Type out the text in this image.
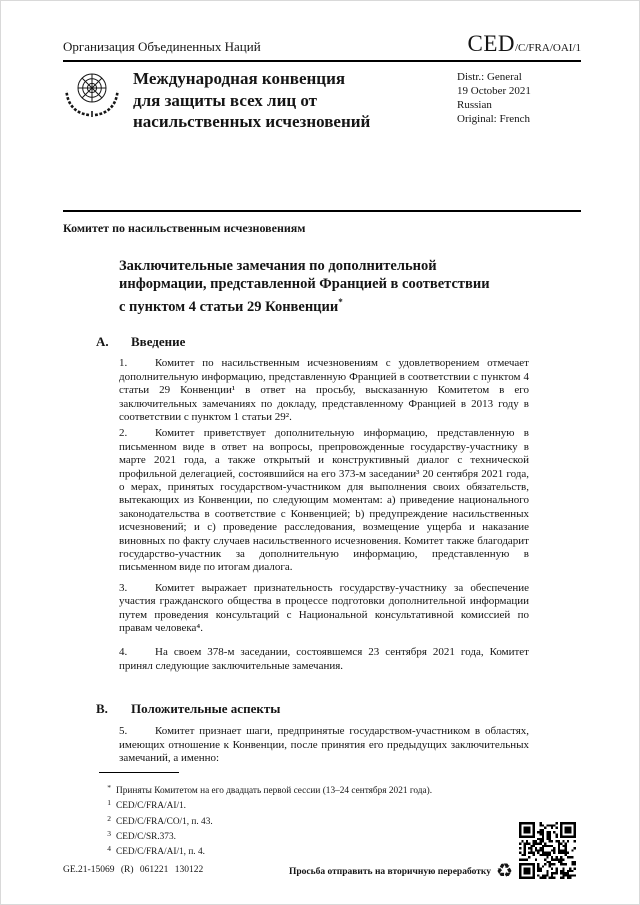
Организация Объединенных Наций	CED/C/FRA/OAI/1
Международная конвенция
для защиты всех лиц от
насильственных исчезновений
Distr.: General
19 October 2021
Russian
Original: French
Комитет по насильственным исчезновениям
Заключительные замечания по дополнительной
информации, представленной Францией в соответствии
с пунктом 4 статьи 29 Конвенции*
A. Введение
1.	Комитет по насильственным исчезновениям с удовлетворением отмечает дополнительную информацию, представленную Францией в соответствии с пунктом 4 статьи 29 Конвенции¹ в ответ на просьбу, высказанную Комитетом в его заключительных замечаниях по докладу, представленному Францией в 2013 году в соответствии с пунктом 1 статьи 29².
2.	Комитет приветствует дополнительную информацию, представленную в письменном виде в ответ на вопросы, препровожденные государству-участнику в марте 2021 года, а также открытый и конструктивный диалог с технической профильной делегацией, состоявшийся на его 373-м заседании³ 20 сентября 2021 года, о мерах, принятых государством-участником для выполнения своих обязательств, вытекающих из Конвенции, по следующим моментам: a) приведение национального законодательства в соответствие с Конвенцией; b) предупреждение насильственных исчезновений; и c) проведение расследования, возмещение ущерба и наказание виновных по факту случаев насильственного исчезновения. Комитет также благодарит государство-участник за дополнительную информацию, представленную в письменном виде по итогам диалога.
3.	Комитет выражает признательность государству-участнику за обеспечение участия гражданского общества в процессе подготовки дополнительной информации путем проведения консультаций с Национальной консультативной комиссией по правам человека⁴.
4.	На своем 378-м заседании, состоявшемся 23 сентября 2021 года, Комитет принял следующие заключительные замечания.
B. Положительные аспекты
5.	Комитет признает шаги, предпринятые государством-участником в областях, имеющих отношение к Конвенции, после принятия его предыдущих заключительных замечаний, а именно:
* Приняты Комитетом на его двадцать первой сессии (13–24 сентября 2021 года).
1 CED/C/FRA/AI/1.
2 CED/C/FRA/CO/1, п. 43.
3 CED/C/SR.373.
4 CED/C/FRA/AI/1, п. 4.
GE.21-15069 (R) 061221 130122	Просьба отправить на вторичную переработку ♻
